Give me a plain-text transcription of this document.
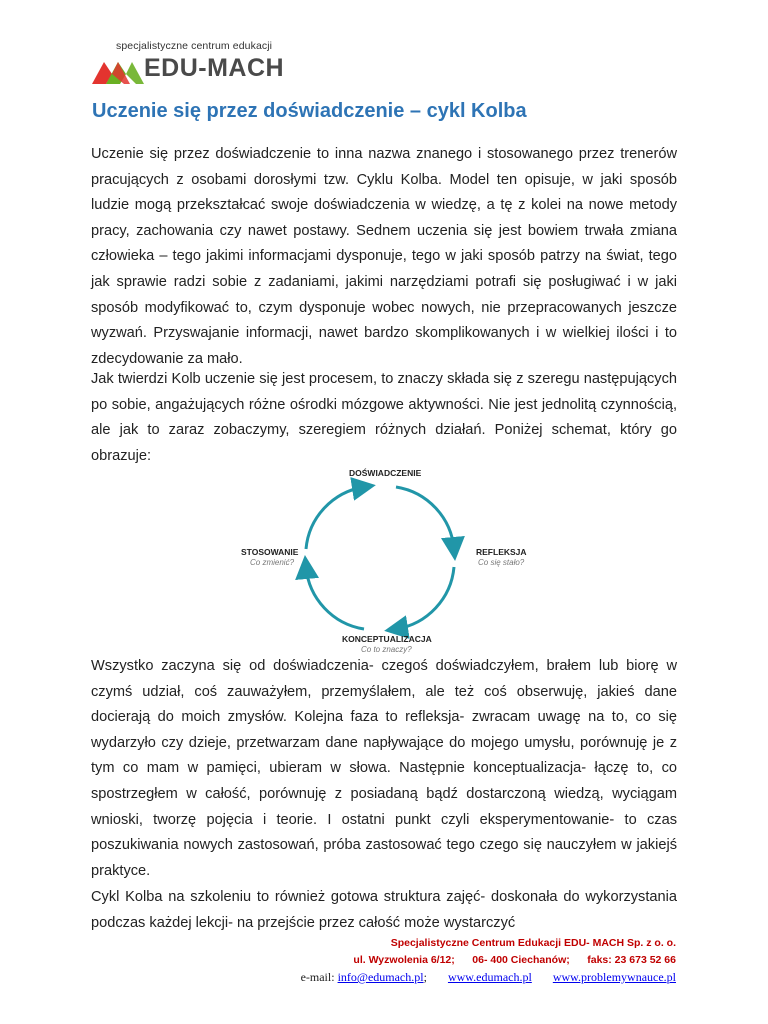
specjalistyczne centrum edukacji
EDU-MACH
Uczenie się przez doświadczenie – cykl Kolba

Uczenie się przez doświadczenie to inna nazwa znanego i stosowanego przez trenerów pracujących z osobami dorosłymi tzw. Cyklu Kolba. Model ten opisuje, w jaki sposób ludzie mogą przekształcać swoje doświadczenia w wiedzę, a tę z kolei na nowe metody pracy, zachowania czy nawet postawy. Sednem uczenia się jest bowiem trwała zmiana człowieka – tego jakimi informacjami dysponuje, tego w jaki sposób patrzy na świat, tego jak sprawie radzi sobie z zadaniami, jakimi narzędziami potrafi się posługiwać i w jaki sposób modyfikować to, czym dysponuje wobec nowych, nie przepracowanych jeszcze wyzwań. Przyswajanie informacji, nawet bardzo skomplikowanych i w wielkiej ilości i to zdecydowanie za mało.

Jak twierdzi Kolb uczenie się jest procesem, to znaczy składa się z szeregu następujących po sobie, angażujących różne ośrodki mózgowe aktywności. Nie jest jednolitą czynnością, ale jak to zaraz zobaczymy, szeregiem różnych działań. Poniżej schemat, który go obrazuje:

DOŚWIADCZENIE
REFLEKSJA
Co się stało?
KONCEPTUALIZACJA
Co to znaczy?
STOSOWANIE
Co zmienić?

Wszystko zaczyna się od doświadczenia- czegoś doświadczyłem, brałem lub biorę w czymś udział, coś zauważyłem, przemyślałem, ale też coś obserwuję, jakieś dane docierają do moich zmysłów. Kolejna faza to refleksja- zwracam uwagę na to, co się wydarzyło czy dzieje, przetwarzam dane napływające do mojego umysłu, porównuję je z tym co mam w pamięci, ubieram w słowa. Następnie konceptualizacja- łączę to, co spostrzegłem w całość, porównuję z posiadaną bądź dostarczoną wiedzą, wyciągam wnioski, tworzę pojęcia i teorie. I ostatni punkt czyli eksperymentowanie- to czas poszukiwania nowych zastosowań, próba zastosować tego czego się nauczyłem w jakiejś praktyce.

Cykl Kolba na szkoleniu to również gotowa struktura zajęć- doskonała do wykorzystania podczas każdej lekcji- na przejście przez całość może wystarczyć

Specjalistyczne Centrum Edukacji EDU- MACH Sp. z o. o.
ul. Wyzwolenia 6/12; 06- 400 Ciechanów; faks: 23 673 52 66
e-mail: info@edumach.pl; www.edumach.pl www.problemywnauce.pl
